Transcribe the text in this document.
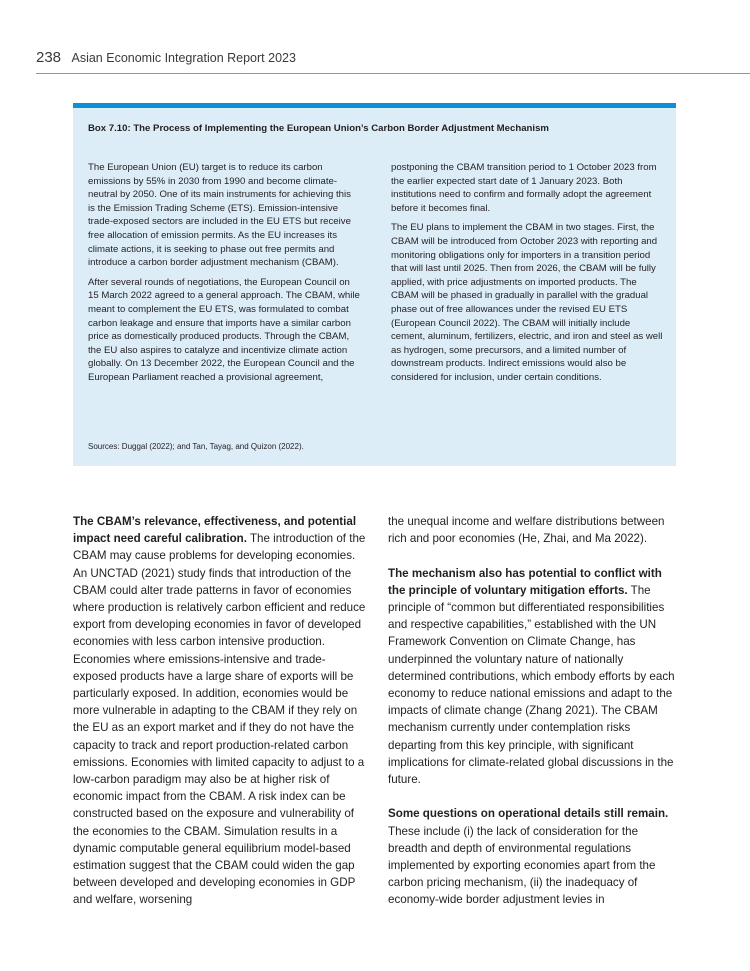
238 Asian Economic Integration Report 2023
Box 7.10: The Process of Implementing the European Union’s Carbon Border Adjustment Mechanism

The European Union (EU) target is to reduce its carbon emissions by 55% in 2030 from 1990 and become climate-neutral by 2050. One of its main instruments for achieving this is the Emission Trading Scheme (ETS). Emission-intensive trade-exposed sectors are included in the EU ETS but receive free allocation of emission permits. As the EU increases its climate actions, it is seeking to phase out free permits and introduce a carbon border adjustment mechanism (CBAM).

After several rounds of negotiations, the European Council on 15 March 2022 agreed to a general approach. The CBAM, while meant to complement the EU ETS, was formulated to combat carbon leakage and ensure that imports have a similar carbon price as domestically produced products. Through the CBAM, the EU also aspires to catalyze and incentivize climate action globally. On 13 December 2022, the European Council and the European Parliament reached a provisional agreement,

postponing the CBAM transition period to 1 October 2023 from the earlier expected start date of 1 January 2023. Both institutions need to confirm and formally adopt the agreement before it becomes final.

The EU plans to implement the CBAM in two stages. First, the CBAM will be introduced from October 2023 with reporting and monitoring obligations only for importers in a transition period that will last until 2025. Then from 2026, the CBAM will be fully applied, with price adjustments on imported products. The CBAM will be phased in gradually in parallel with the gradual phase out of free allowances under the revised EU ETS (European Council 2022). The CBAM will initially include cement, aluminum, fertilizers, electric, and iron and steel as well as hydrogen, some precursors, and a limited number of downstream products. Indirect emissions would also be considered for inclusion, under certain conditions.

Sources: Duggal (2022); and Tan, Tayag, and Quizon (2022).

The CBAM’s relevance, effectiveness, and potential impact need careful calibration. The introduction of the CBAM may cause problems for developing economies. An UNCTAD (2021) study finds that introduction of the CBAM could alter trade patterns in favor of economies where production is relatively carbon efficient and reduce export from developing economies in favor of developed economies with less carbon intensive production. Economies where emissions-intensive and trade-exposed products have a large share of exports will be particularly exposed. In addition, economies would be more vulnerable in adapting to the CBAM if they rely on the EU as an export market and if they do not have the capacity to track and report production-related carbon emissions. Economies with limited capacity to adjust to a low-carbon paradigm may also be at higher risk of economic impact from the CBAM. A risk index can be constructed based on the exposure and vulnerability of the economies to the CBAM. Simulation results in a dynamic computable general equilibrium model-based estimation suggest that the CBAM could widen the gap between developed and developing economies in GDP and welfare, worsening

the unequal income and welfare distributions between rich and poor economies (He, Zhai, and Ma 2022).

The mechanism also has potential to conflict with the principle of voluntary mitigation efforts. The principle of “common but differentiated responsibilities and respective capabilities,” established with the UN Framework Convention on Climate Change, has underpinned the voluntary nature of nationally determined contributions, which embody efforts by each economy to reduce national emissions and adapt to the impacts of climate change (Zhang 2021). The CBAM mechanism currently under contemplation risks departing from this key principle, with significant implications for climate-related global discussions in the future.

Some questions on operational details still remain. These include (i) the lack of consideration for the breadth and depth of environmental regulations implemented by exporting economies apart from the carbon pricing mechanism, (ii) the inadequacy of economy-wide border adjustment levies in
